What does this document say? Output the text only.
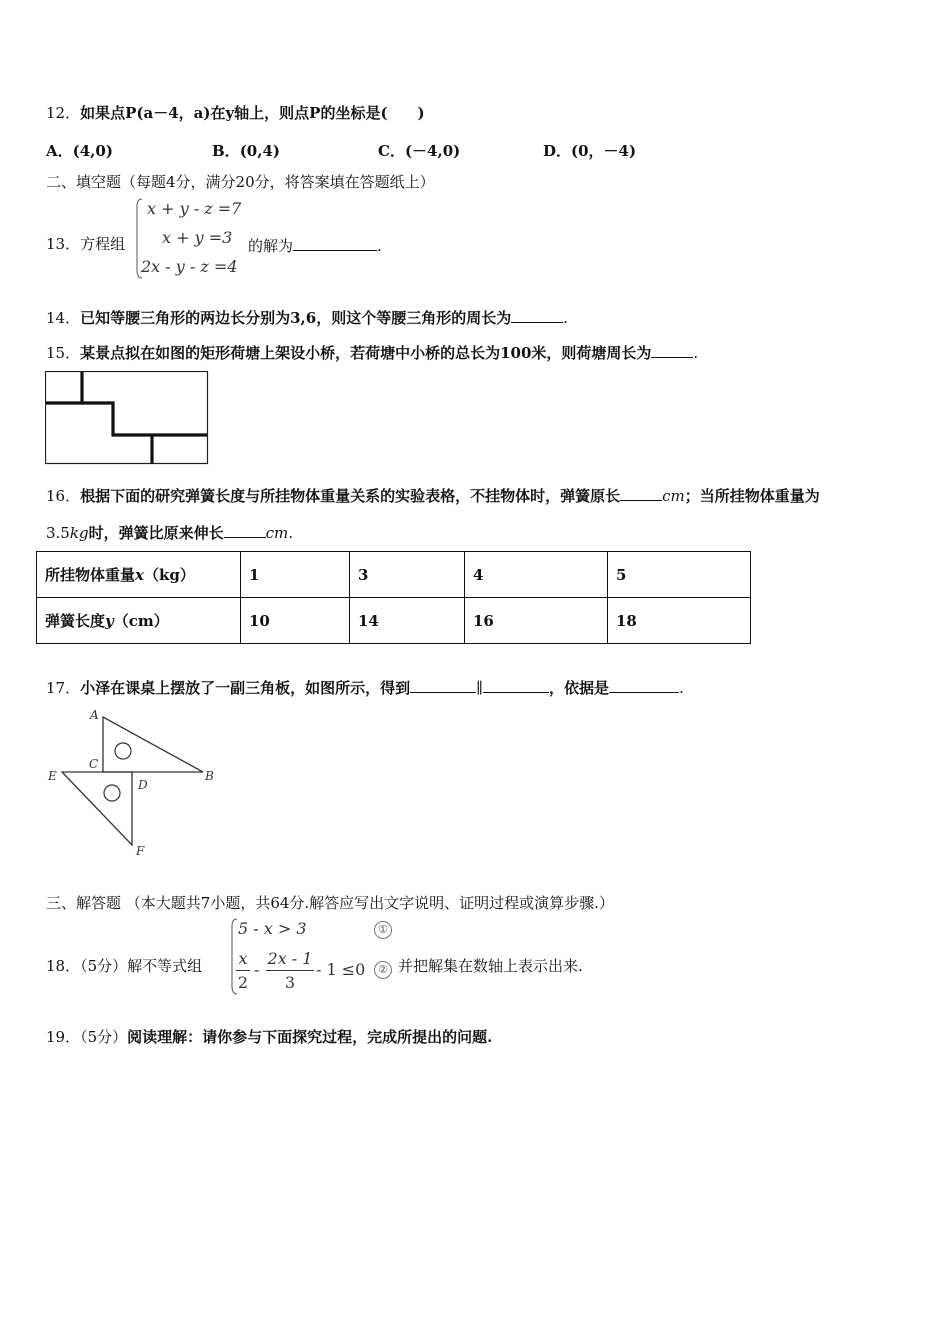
12．如果点P(a－4，a)在y轴上，则点P的坐标是(　　)
A．(4,0)	B．(0,4)	C．(－4,0)	D．(0，－4)
二、填空题（每题4分，满分20分，将答案填在答题纸上）
13．方程组
x + y - z =7
x + y =3
2x - y - z =4
的解为	.
14．已知等腰三角形的两边长分别为3,6，则这个等腰三角形的周长为	.
15．某景点拟在如图的矩形荷塘上架设小桥，若荷塘中小桥的总长为100米，则荷塘周长为	.
16．根据下面的研究弹簧长度与所挂物体重量关系的实验表格，不挂物体时，弹簧原长	cm；当所挂物体重量为
3.5kg时，弹簧比原来伸长	cm.
所挂物体重量x（kg）	1	3	4	5
弹簧长度y（cm）	10	14	16	18
17．小泽在课桌上摆放了一副三角板，如图所示，得到	∥	，依据是	.
A
C
E
D
B
F
三、解答题 （本大题共7小题，共64分.解答应写出文字说明、证明过程或演算步骤.）
18．（5分）解不等式组
5 - x > 3	①
x
2
-
2x - 1
3
- 1 ≤0	② 并把解集在数轴上表示出来.
19．（5分）阅读理解：请你参与下面探究过程，完成所提出的问题.
